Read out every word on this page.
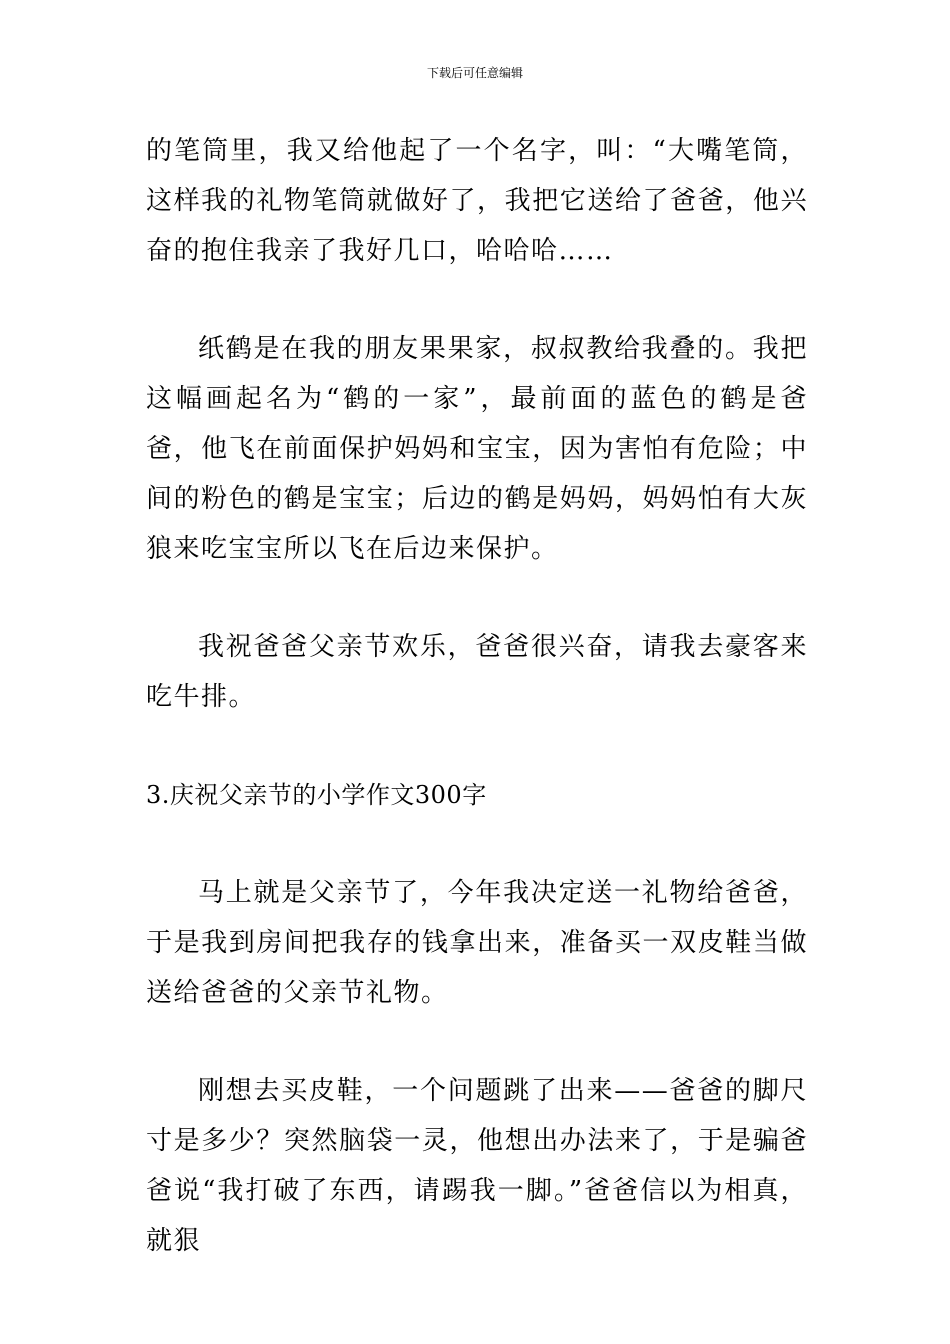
下载后可任意编辑

的笔筒里，我又给他起了一个名字，叫：“大嘴笔筒，这样我的礼物笔筒就做好了，我把它送给了爸爸，他兴奋的抱住我亲了我好几口，哈哈哈……

纸鹤是在我的朋友果果家，叔叔教给我叠的。我把这幅画起名为“鹤的一家”，最前面的蓝色的鹤是爸爸，他飞在前面保护妈妈和宝宝，因为害怕有危险；中间的粉色的鹤是宝宝；后边的鹤是妈妈，妈妈怕有大灰狼来吃宝宝所以飞在后边来保护。

我祝爸爸父亲节欢乐，爸爸很兴奋，请我去豪客来吃牛排。

3.庆祝父亲节的小学作文300字

马上就是父亲节了，今年我决定送一礼物给爸爸，于是我到房间把我存的钱拿出来，准备买一双皮鞋当做送给爸爸的父亲节礼物。

刚想去买皮鞋，一个问题跳了出来——爸爸的脚尺寸是多少？突然脑袋一灵，他想出办法来了，于是骗爸爸说“我打破了东西，请踢我一脚。”爸爸信以为相真，就狠
